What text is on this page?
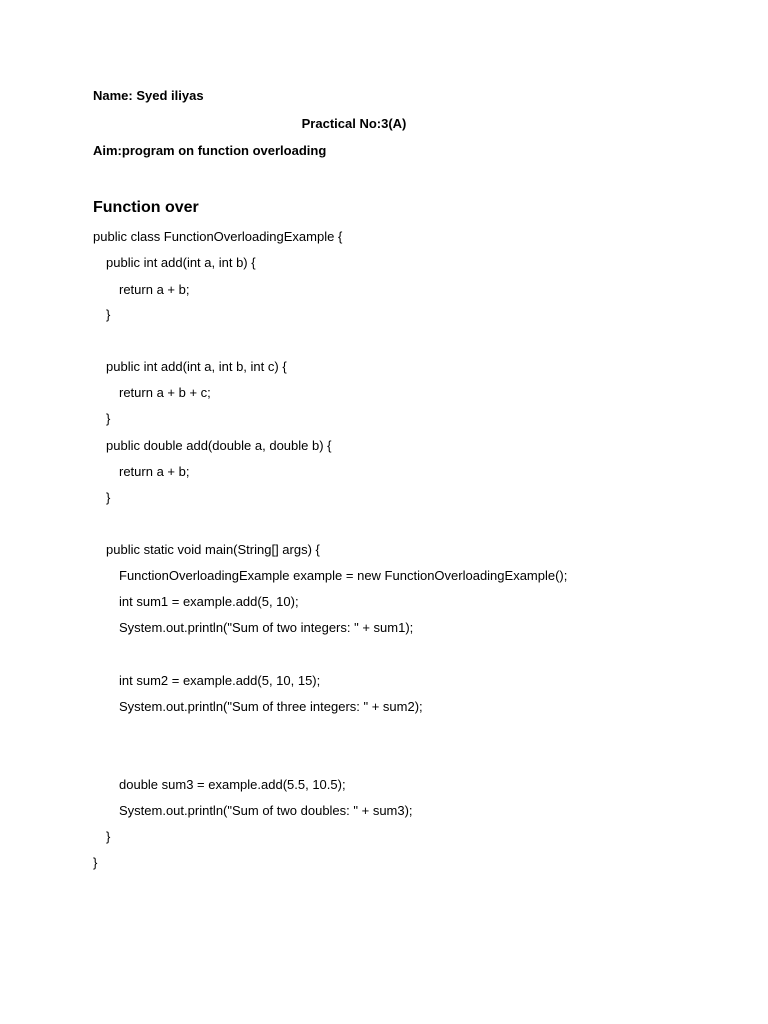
Name: Syed iliyas
Practical No:3(A)
Aim:program on function overloading
Function over
public class FunctionOverloadingExample {
public int add(int a, int b) {
return a + b;
}
public int add(int a, int b, int c) {
return a + b + c;
}
public double add(double a, double b) {
return a + b;
}
public static void main(String[] args) {
FunctionOverloadingExample example = new FunctionOverloadingExample();
int sum1 = example.add(5, 10);
System.out.println("Sum of two integers: " + sum1);
int sum2 = example.add(5, 10, 15);
System.out.println("Sum of three integers: " + sum2);
double sum3 = example.add(5.5, 10.5);
System.out.println("Sum of two doubles: " + sum3);
}
}
